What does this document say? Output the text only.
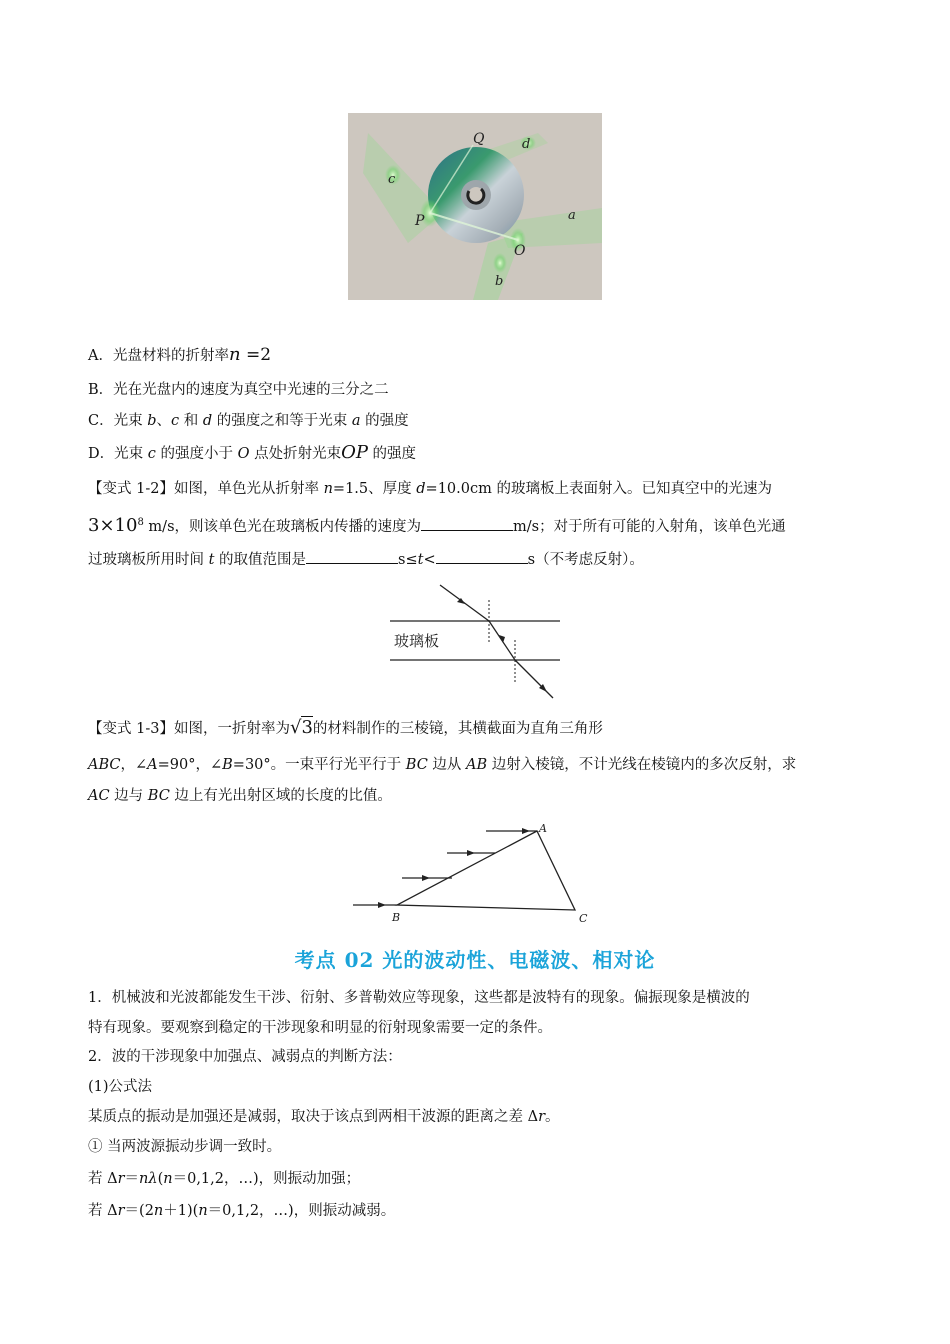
Q	d
c
P	a
O
b
A．光盘材料的折射率n =2
B．光在光盘内的速度为真空中光速的三分之二
C．光束 b、c 和 d 的强度之和等于光束 a 的强度
D．光束 c 的强度小于 O 点处折射光束OP 的强度
【变式 1-2】如图，单色光从折射率 n=1.5、厚度 d=10.0cm 的玻璃板上表面射入。已知真空中的光速为
$3\times 10^8$ m/s，则该单色光在玻璃板内传播的速度为	m/s；对于所有可能的入射角，该单色光通
过玻璃板所用时间 t 的取值范围是	s≤t<	s（不考虑反射）。
玻璃板
【变式 1-3】如图，一折射率为√3的材料制作的三棱镜，其横截面为直角三角形
ABC，∠A=90°，∠B=30°。一束平行光平行于 BC 边从 AB 边射入棱镜，不计光线在棱镜内的多次反射，求
AC 边与 BC 边上有光出射区域的长度的比值。
A
B	C
考点 02 光的波动性、电磁波、相对论
1．机械波和光波都能发生干涉、衍射、多普勒效应等现象，这些都是波特有的现象。偏振现象是横波的
特有现象。要观察到稳定的干涉现象和明显的衍射现象需要一定的条件。
2．波的干涉现象中加强点、减弱点的判断方法：
(1)公式法
某质点的振动是加强还是减弱，取决于该点到两相干波源的距离之差 Δr。
① 当两波源振动步调一致时。
若 Δr＝nλ(n＝0,1,2，…)，则振动加强；
若 Δr＝(2n＋1)(n＝0,1,2，…)，则振动减弱。
